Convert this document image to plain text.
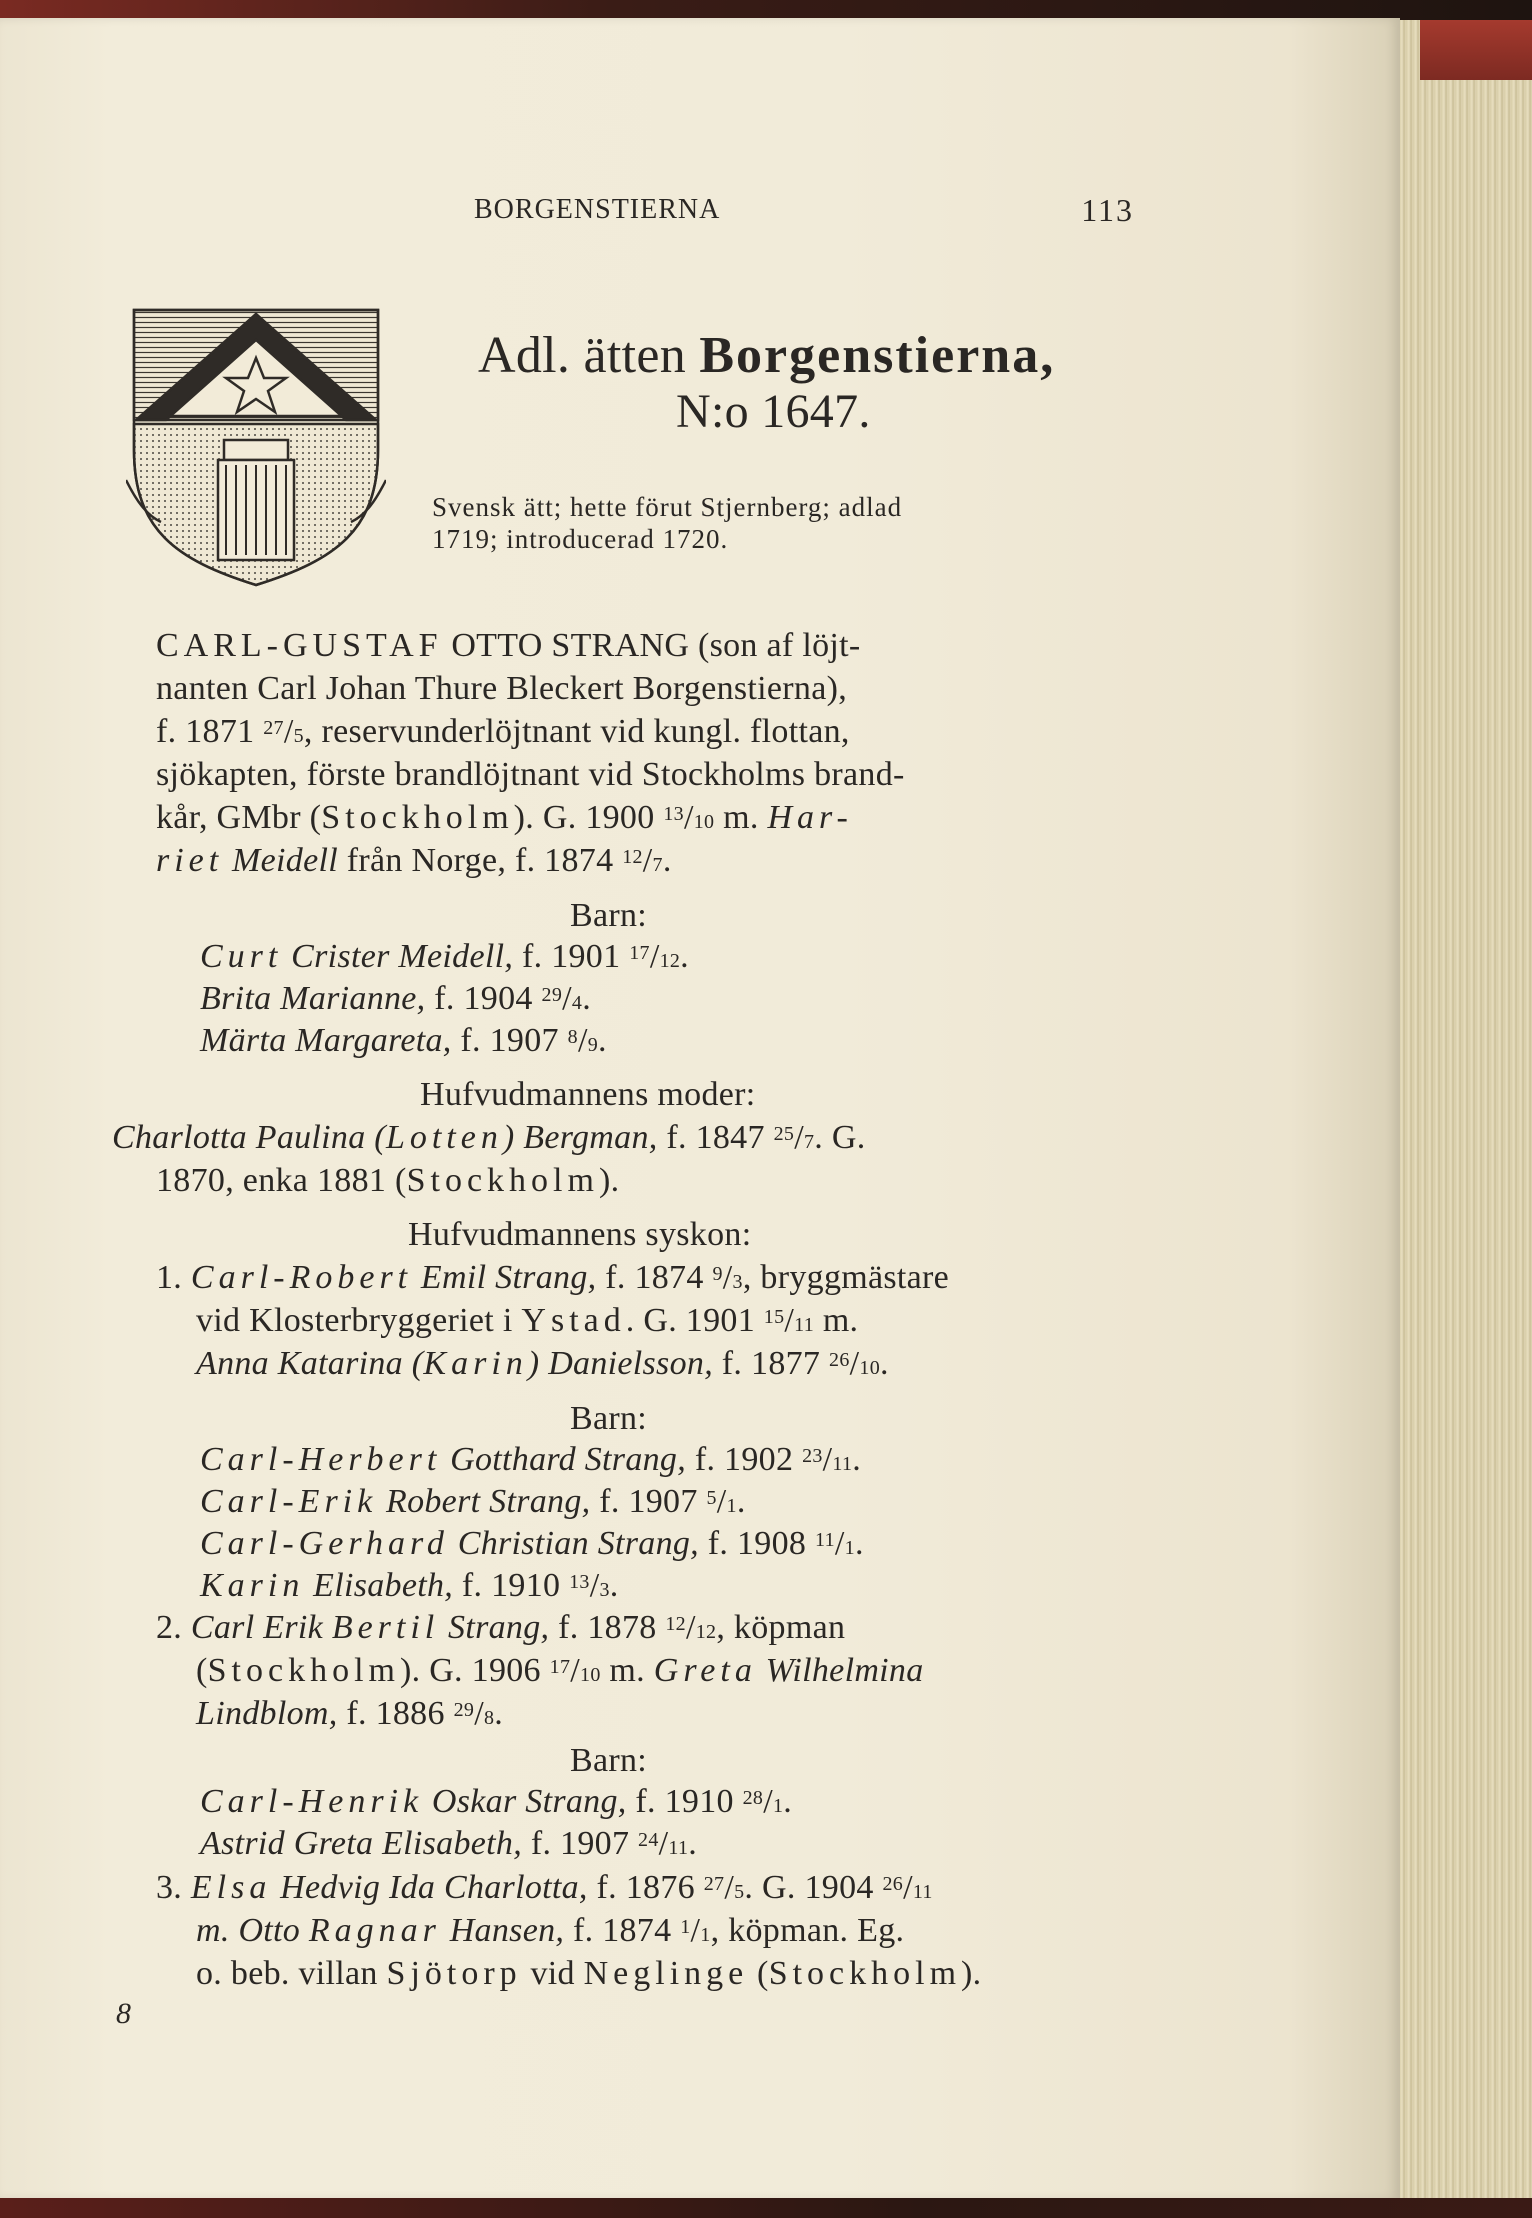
BORGENSTIERNA	113
Adl. ätten Borgenstierna,
N:o 1647.
Svensk ätt; hette förut Stjernberg; adlad
1719; introducerad 1720.
CARL-GUSTAF OTTO STRANG (son af löjt-
nanten Carl Johan Thure Bleckert Borgenstierna),
f. 1871 $^{27}$/5, reservunderlöjtnant vid kungl. flottan,
sjökapten, förste brandlöjtnant vid Stockholms brand-
kår, GMbr (Stockholm). G. 1900 $^{13}$/10 m. Har-
riet Meidell från Norge, f. 1874 $^{12}$/7.
Barn:
Curt Crister Meidell, f. 1901 $^{17}$/12.
Brita Marianne, f. 1904 $^{29}$/4.
Märta Margareta, f. 1907 $^8$/9.
Hufvudmannens moder:
Charlotta Paulina (Lotten) Bergman, f. 1847 $^{25}$/7. G.
1870, enka 1881 (Stockholm).
Hufvudmannens syskon:
1. Carl-Robert Emil Strang, f. 1874 $^9$/3, bryggmästare
vid Klosterbryggeriet i Ystad. G. 1901 $^{15}$/11 m.
Anna Katarina (Karin) Danielsson, f. 1877 $^{26}$/10.
Barn:
Carl-Herbert Gotthard Strang, f. 1902 $^{23}$/11.
Carl-Erik Robert Strang, f. 1907 $^5$/1.
Carl-Gerhard Christian Strang, f. 1908 $^{11}$/1.
Karin Elisabeth, f. 1910 $^{13}$/3.
2. Carl Erik Bertil Strang, f. 1878 $^{12}$/12, köpman
(Stockholm). G. 1906 $^{17}$/10 m. Greta Wilhelmina
Lindblom, f. 1886 $^{29}$/8.
Barn:
Carl-Henrik Oskar Strang, f. 1910 $^{28}$/1.
Astrid Greta Elisabeth, f. 1907 $^{24}$/11.
3. Elsa Hedvig Ida Charlotta, f. 1876 $^{27}$/5. G. 1904 $^{26}$/11
m. Otto Ragnar Hansen, f. 1874 $^1$/1, köpman. Eg.
o. beb. villan Sjötorp vid Neglinge (Stockholm).
8
